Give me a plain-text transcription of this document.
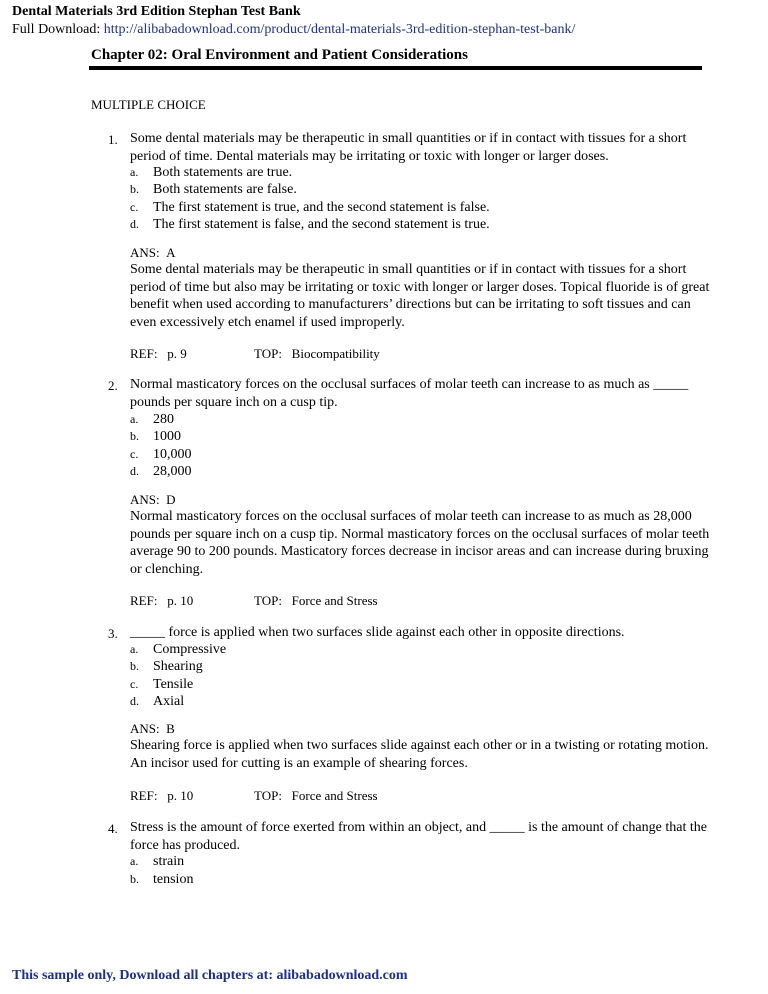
Dental Materials 3rd Edition Stephan Test Bank
Full Download: http://alibabadownload.com/product/dental-materials-3rd-edition-stephan-test-bank/
Chapter 02: Oral Environment and Patient Considerations
MULTIPLE CHOICE
1. Some dental materials may be therapeutic in small quantities or if in contact with tissues for a short period of time. Dental materials may be irritating or toxic with longer or larger doses.
a. Both statements are true.
b. Both statements are false.
c. The first statement is true, and the second statement is false.
d. The first statement is false, and the second statement is true.
ANS:  A
Some dental materials may be therapeutic in small quantities or if in contact with tissues for a short period of time but also may be irritating or toxic with longer or larger doses. Topical fluoride is of great benefit when used according to manufacturers’ directions but can be irritating to soft tissues and can even excessively etch enamel if used improperly.
REF:   p. 9	TOP:   Biocompatibility
2. Normal masticatory forces on the occlusal surfaces of molar teeth can increase to as much as _____ pounds per square inch on a cusp tip.
a. 280
b. 1000
c. 10,000
d. 28,000
ANS:  D
Normal masticatory forces on the occlusal surfaces of molar teeth can increase to as much as 28,000 pounds per square inch on a cusp tip. Normal masticatory forces on the occlusal surfaces of molar teeth average 90 to 200 pounds. Masticatory forces decrease in incisor areas and can increase during bruxing or clenching.
REF:   p. 10	TOP:   Force and Stress
3. _____ force is applied when two surfaces slide against each other in opposite directions.
a. Compressive
b. Shearing
c. Tensile
d. Axial
ANS:  B
Shearing force is applied when two surfaces slide against each other or in a twisting or rotating motion. An incisor used for cutting is an example of shearing forces.
REF:   p. 10	TOP:   Force and Stress
4. Stress is the amount of force exerted from within an object, and _____ is the amount of change that the force has produced.
a. strain
b. tension
This sample only, Download all chapters at: alibabadownload.com
